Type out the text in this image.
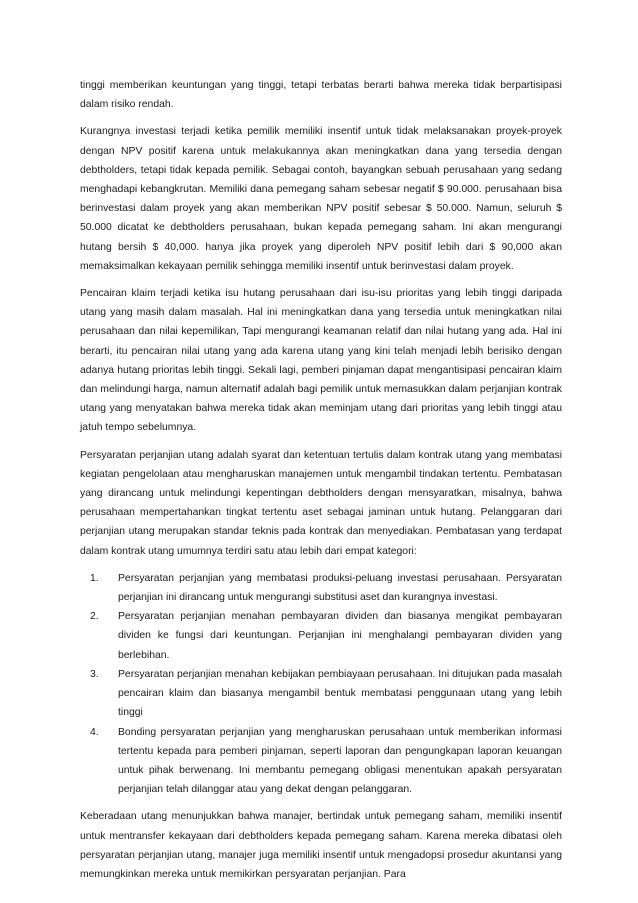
tinggi memberikan keuntungan yang tinggi, tetapi terbatas berarti bahwa mereka tidak berpartisipasi dalam risiko rendah.

Kurangnya investasi terjadi ketika pemilik memiliki insentif untuk tidak melaksanakan proyek-proyek dengan NPV positif karena untuk melakukannya akan meningkatkan dana yang tersedia dengan debtholders, tetapi tidak kepada pemilik. Sebagai contoh, bayangkan sebuah perusahaan yang sedang menghadapi kebangkrutan. Memiliki dana pemegang saham sebesar negatif $ 90.000. perusahaan bisa berinvestasi dalam proyek yang akan memberikan NPV positif sebesar $ 50.000. Namun, seluruh $ 50.000 dicatat ke debtholders perusahaan, bukan kepada pemegang saham. Ini akan mengurangi hutang bersih $ 40,000. hanya jika proyek yang diperoleh NPV positif lebih dari $ 90,000 akan memaksimalkan kekayaan pemilik sehingga memiliki insentif untuk berinvestasi dalam proyek.

Pencairan klaim terjadi ketika isu hutang perusahaan dari isu-isu prioritas yang lebih tinggi daripada utang yang masih dalam masalah. Hal ini meningkatkan dana yang tersedia untuk meningkatkan nilai perusahaan dan nilai kepemilikan, Tapi mengurangi keamanan relatif dan nilai hutang yang ada. Hal ini berarti, itu pencairan nilai utang yang ada karena utang yang kini telah menjadi lebih berisiko dengan adanya hutang prioritas lebih tinggi. Sekali lagi, pemberi pinjaman dapat mengantisipasi pencairan klaim dan melindungi harga, namun alternatif adalah bagi pemilik untuk memasukkan dalam perjanjian kontrak utang yang menyatakan bahwa mereka tidak akan meminjam utang dari prioritas yang lebih tinggi atau jatuh tempo sebelumnya.

Persyaratan perjanjian utang adalah syarat dan ketentuan tertulis dalam kontrak utang yang membatasi kegiatan pengelolaan atau mengharuskan manajemen untuk mengambil tindakan tertentu. Pembatasan yang dirancang untuk melindungi kepentingan debtholders dengan mensyaratkan, misalnya, bahwa perusahaan mempertahankan tingkat tertentu aset sebagai jaminan untuk hutang. Pelanggaran dari perjanjian utang merupakan standar teknis pada kontrak dan menyediakan. Pembatasan yang terdapat dalam kontrak utang umumnya terdiri satu atau lebih dari empat kategori:

1. Persyaratan perjanjian yang membatasi produksi-peluang investasi perusahaan. Persyaratan perjanjian ini dirancang untuk mengurangi substitusi aset dan kurangnya investasi.
2. Persyaratan perjanjian menahan pembayaran dividen dan biasanya mengikat pembayaran dividen ke fungsi dari keuntungan. Perjanjian ini menghalangi pembayaran dividen yang berlebihan.
3. Persyaratan perjanjian menahan kebijakan pembiayaan perusahaan. Ini ditujukan pada masalah pencairan klaim dan biasanya mengambil bentuk membatasi penggunaan utang yang lebih tinggi
4. Bonding persyaratan perjanjian yang mengharuskan perusahaan untuk memberikan informasi tertentu kepada para pemberi pinjaman, seperti laporan dan pengungkapan laporan keuangan untuk pihak berwenang. Ini membantu pemegang obligasi menentukan apakah persyaratan perjanjian telah dilanggar atau yang dekat dengan pelanggaran.

Keberadaan utang menunjukkan bahwa manajer, bertindak untuk pemegang saham, memiliki insentif untuk mentransfer kekayaan dari debtholders kepada pemegang saham. Karena mereka dibatasi oleh persyaratan perjanjian utang, manajer juga memiliki insentif untuk mengadopsi prosedur akuntansi yang memungkinkan mereka untuk memikirkan persyaratan perjanjian. Para
